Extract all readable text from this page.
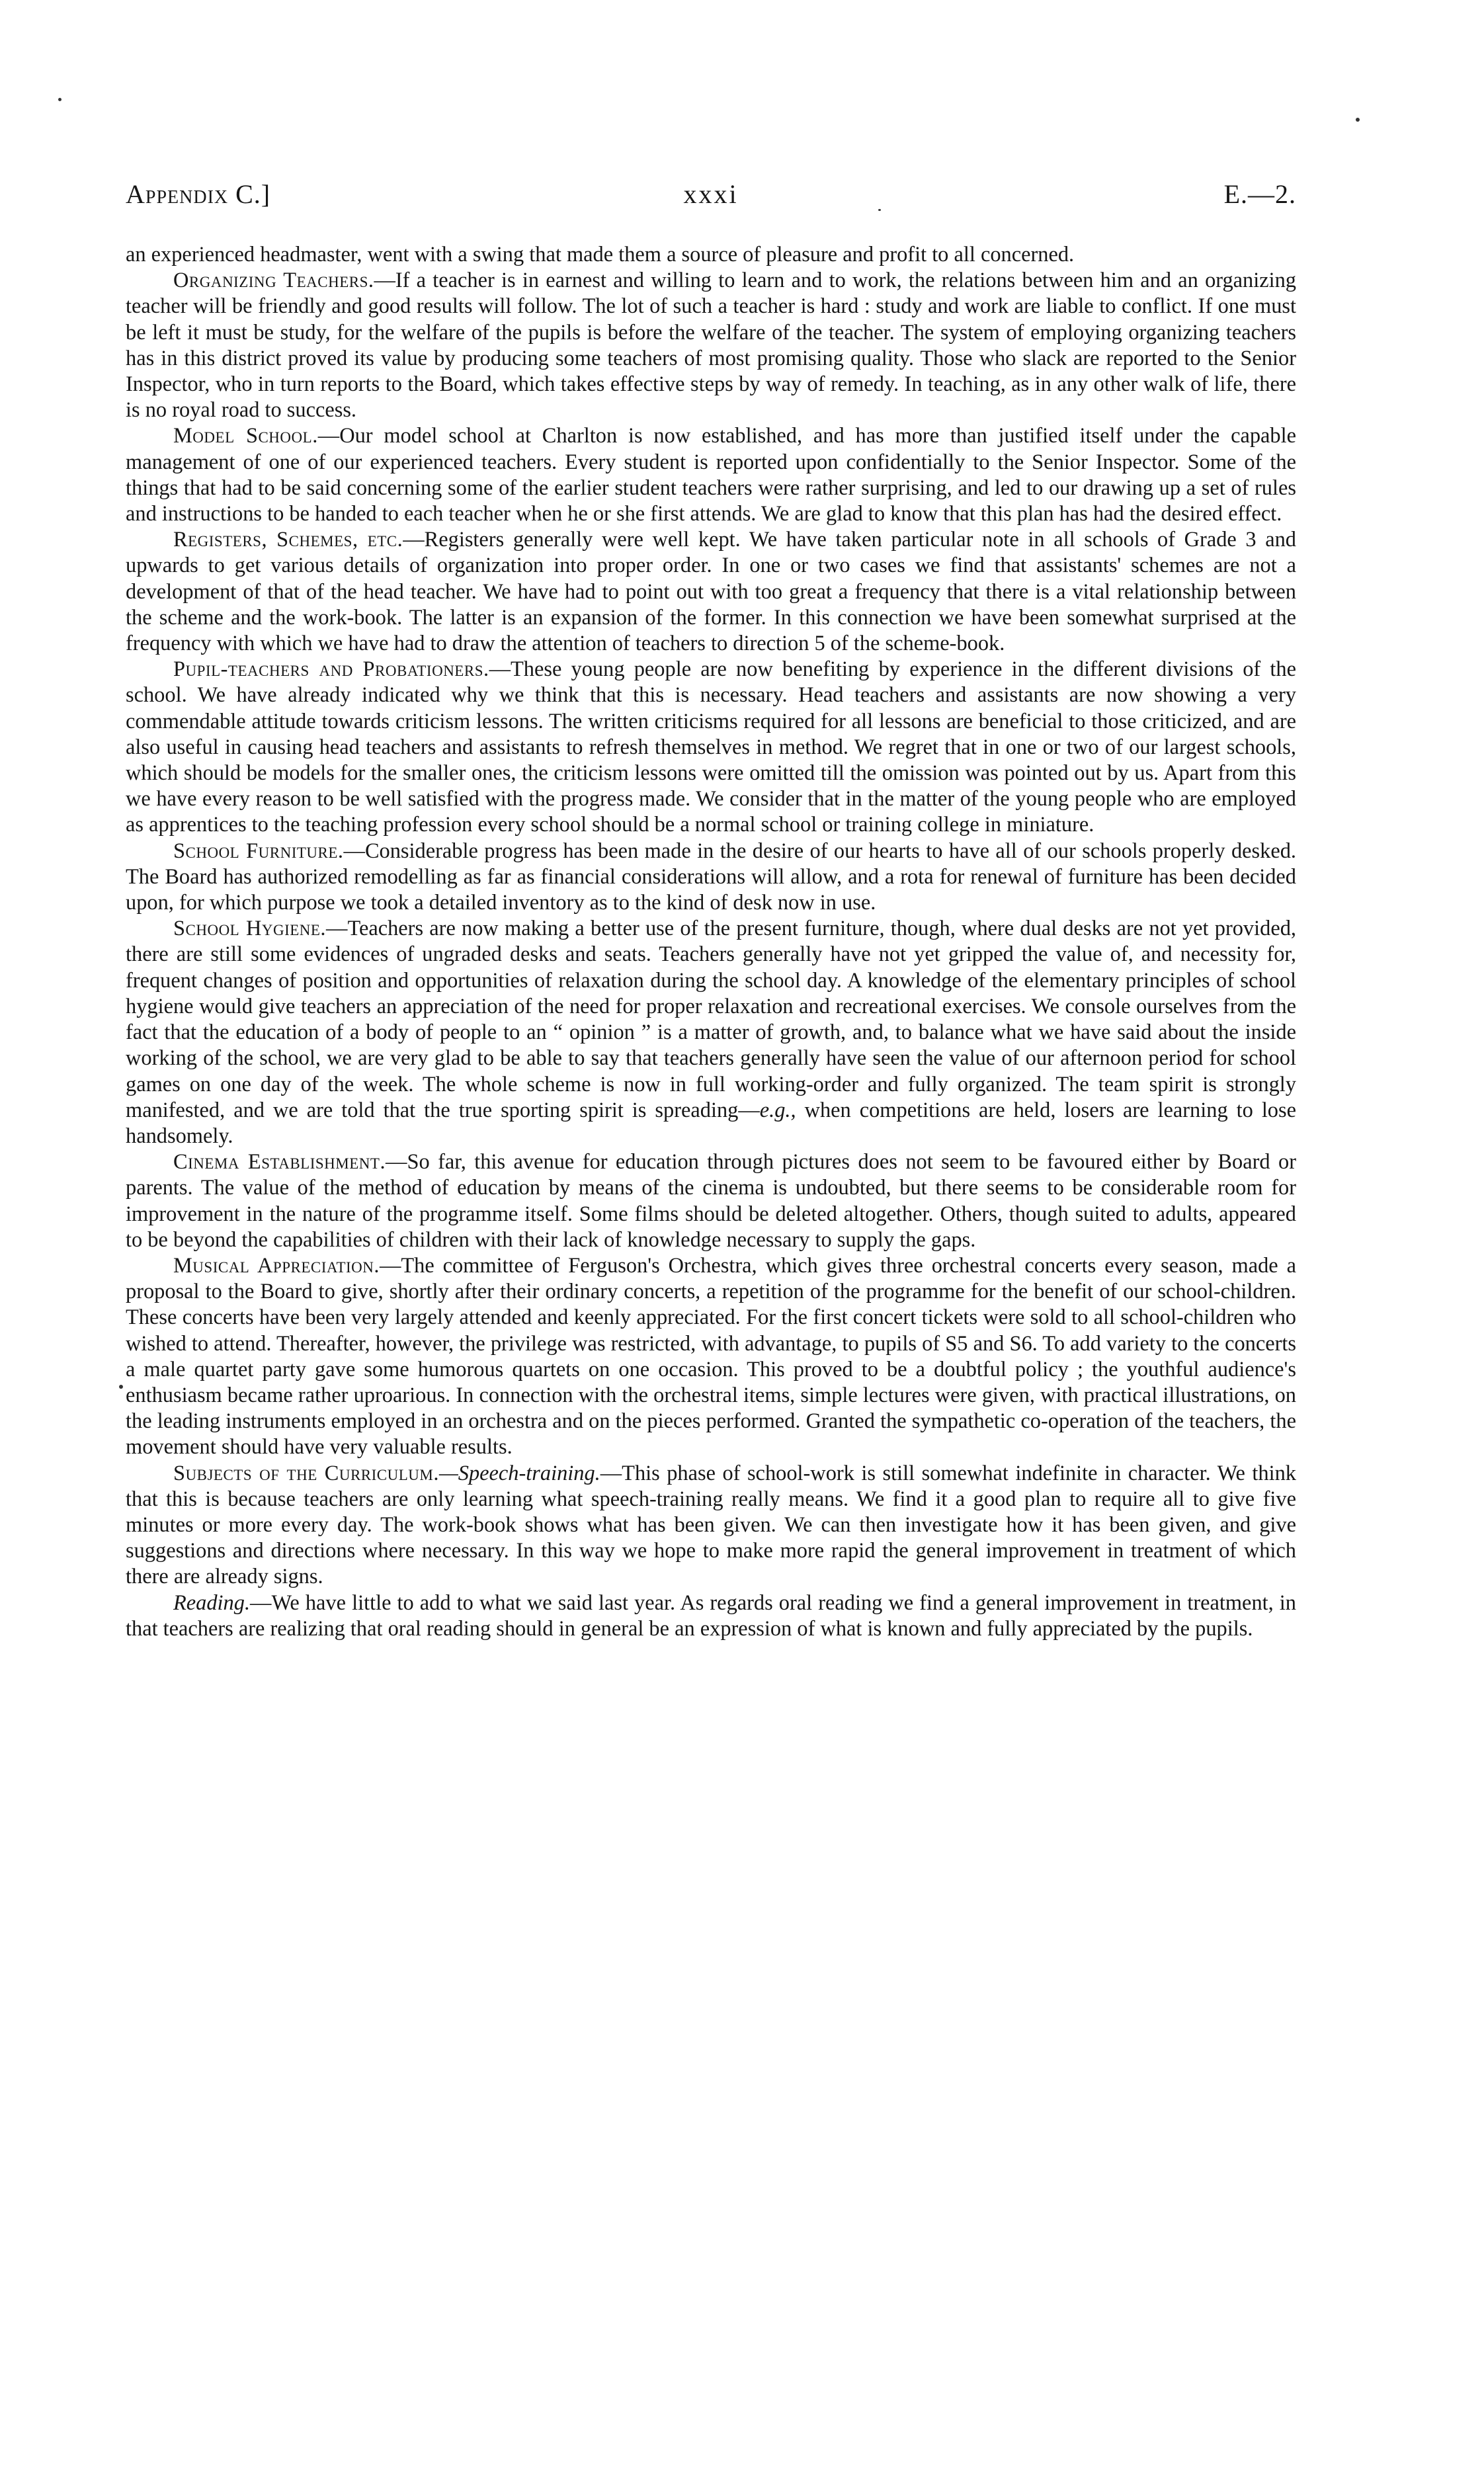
Appendix C.]	xxxi	E.—2.

an experienced headmaster, went with a swing that made them a source of pleasure and profit to all concerned.

Organizing Teachers.—If a teacher is in earnest and willing to learn and to work, the relations between him and an organizing teacher will be friendly and good results will follow. The lot of such a teacher is hard : study and work are liable to conflict. If one must be left it must be study, for the welfare of the pupils is before the welfare of the teacher. The system of employing organizing teachers has in this district proved its value by producing some teachers of most promising quality. Those who slack are reported to the Senior Inspector, who in turn reports to the Board, which takes effective steps by way of remedy. In teaching, as in any other walk of life, there is no royal road to success.

Model School.—Our model school at Charlton is now established, and has more than justified itself under the capable management of one of our experienced teachers. Every student is reported upon confidentially to the Senior Inspector. Some of the things that had to be said concerning some of the earlier student teachers were rather surprising, and led to our drawing up a set of rules and instructions to be handed to each teacher when he or she first attends. We are glad to know that this plan has had the desired effect.

Registers, Schemes, etc.—Registers generally were well kept. We have taken particular note in all schools of Grade 3 and upwards to get various details of organization into proper order. In one or two cases we find that assistants' schemes are not a development of that of the head teacher. We have had to point out with too great a frequency that there is a vital relationship between the scheme and the work-book. The latter is an expansion of the former. In this connection we have been somewhat surprised at the frequency with which we have had to draw the attention of teachers to direction 5 of the scheme-book.

Pupil-teachers and Probationers.—These young people are now benefiting by experience in the different divisions of the school. We have already indicated why we think that this is necessary. Head teachers and assistants are now showing a very commendable attitude towards criticism lessons. The written criticisms required for all lessons are beneficial to those criticized, and are also useful in causing head teachers and assistants to refresh themselves in method. We regret that in one or two of our largest schools, which should be models for the smaller ones, the criticism lessons were omitted till the omission was pointed out by us. Apart from this we have every reason to be well satisfied with the progress made. We consider that in the matter of the young people who are employed as apprentices to the teaching profession every school should be a normal school or training college in miniature.

School Furniture.—Considerable progress has been made in the desire of our hearts to have all of our schools properly desked. The Board has authorized remodelling as far as financial considerations will allow, and a rota for renewal of furniture has been decided upon, for which purpose we took a detailed inventory as to the kind of desk now in use.

School Hygiene.—Teachers are now making a better use of the present furniture, though, where dual desks are not yet provided, there are still some evidences of ungraded desks and seats. Teachers generally have not yet gripped the value of, and necessity for, frequent changes of position and opportunities of relaxation during the school day. A knowledge of the elementary principles of school hygiene would give teachers an appreciation of the need for proper relaxation and recreational exercises. We console ourselves from the fact that the education of a body of people to an “ opinion ” is a matter of growth, and, to balance what we have said about the inside working of the school, we are very glad to be able to say that teachers generally have seen the value of our afternoon period for school games on one day of the week. The whole scheme is now in full working-order and fully organized. The team spirit is strongly manifested, and we are told that the true sporting spirit is spreading—e.g., when competitions are held, losers are learning to lose handsomely.

Cinema Establishment.—So far, this avenue for education through pictures does not seem to be favoured either by Board or parents. The value of the method of education by means of the cinema is undoubted, but there seems to be considerable room for improvement in the nature of the programme itself. Some films should be deleted altogether. Others, though suited to adults, appeared to be beyond the capabilities of children with their lack of knowledge necessary to supply the gaps.

Musical Appreciation.—The committee of Ferguson's Orchestra, which gives three orchestral concerts every season, made a proposal to the Board to give, shortly after their ordinary concerts, a repetition of the programme for the benefit of our school-children. These concerts have been very largely attended and keenly appreciated. For the first concert tickets were sold to all school-children who wished to attend. Thereafter, however, the privilege was restricted, with advantage, to pupils of S5 and S6. To add variety to the concerts a male quartet party gave some humorous quartets on one occasion. This proved to be a doubtful policy ; the youthful audience's enthusiasm became rather uproarious. In connection with the orchestral items, simple lectures were given, with practical illustrations, on the leading instruments employed in an orchestra and on the pieces performed. Granted the sympathetic co-operation of the teachers, the movement should have very valuable results.

Subjects of the Curriculum.—Speech-training.—This phase of school-work is still somewhat indefinite in character. We think that this is because teachers are only learning what speech-training really means. We find it a good plan to require all to give five minutes or more every day. The work-book shows what has been given. We can then investigate how it has been given, and give suggestions and directions where necessary. In this way we hope to make more rapid the general improvement in treatment of which there are already signs.

Reading.—We have little to add to what we said last year. As regards oral reading we find a general improvement in treatment, in that teachers are realizing that oral reading should in general be an expression of what is known and fully appreciated by the pupils.
